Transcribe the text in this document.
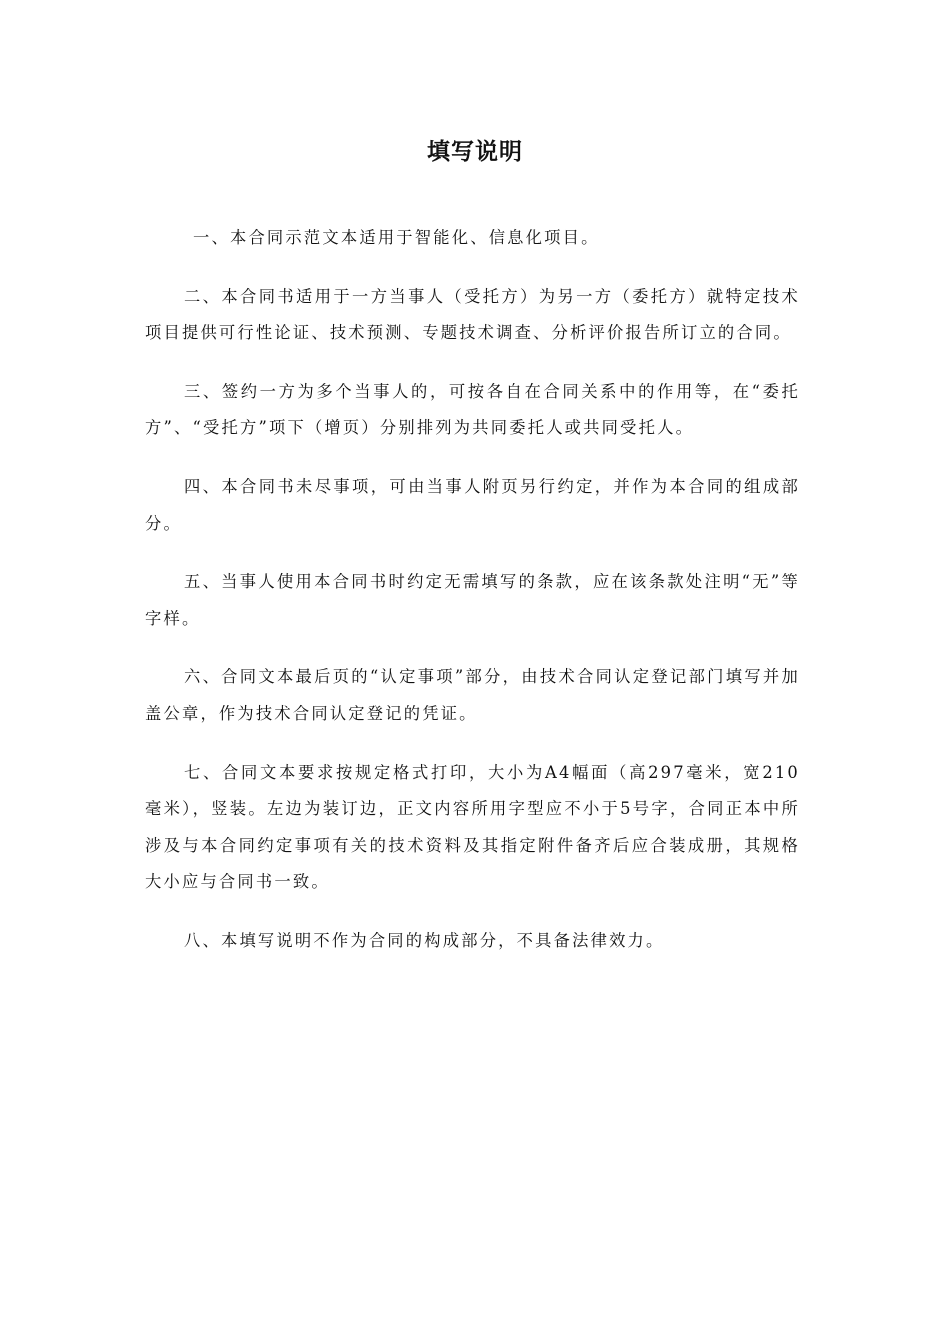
填写说明

一、本合同示范文本适用于智能化、信息化项目。

二、本合同书适用于一方当事人（受托方）为另一方（委托方）就特定技术项目提供可行性论证、技术预测、专题技术调查、分析评价报告所订立的合同。

三、签约一方为多个当事人的，可按各自在合同关系中的作用等，在“委托方”、“受托方”项下（增页）分别排列为共同委托人或共同受托人。

四、本合同书未尽事项，可由当事人附页另行约定，并作为本合同的组成部分。

五、当事人使用本合同书时约定无需填写的条款，应在该条款处注明“无”等字样。

六、合同文本最后页的“认定事项”部分，由技术合同认定登记部门填写并加盖公章，作为技术合同认定登记的凭证。

七、合同文本要求按规定格式打印，大小为A4幅面（高297毫米，宽210毫米），竖装。左边为装订边，正文内容所用字型应不小于5号字，合同正本中所涉及与本合同约定事项有关的技术资料及其指定附件备齐后应合装成册，其规格大小应与合同书一致。

八、本填写说明不作为合同的构成部分，不具备法律效力。
